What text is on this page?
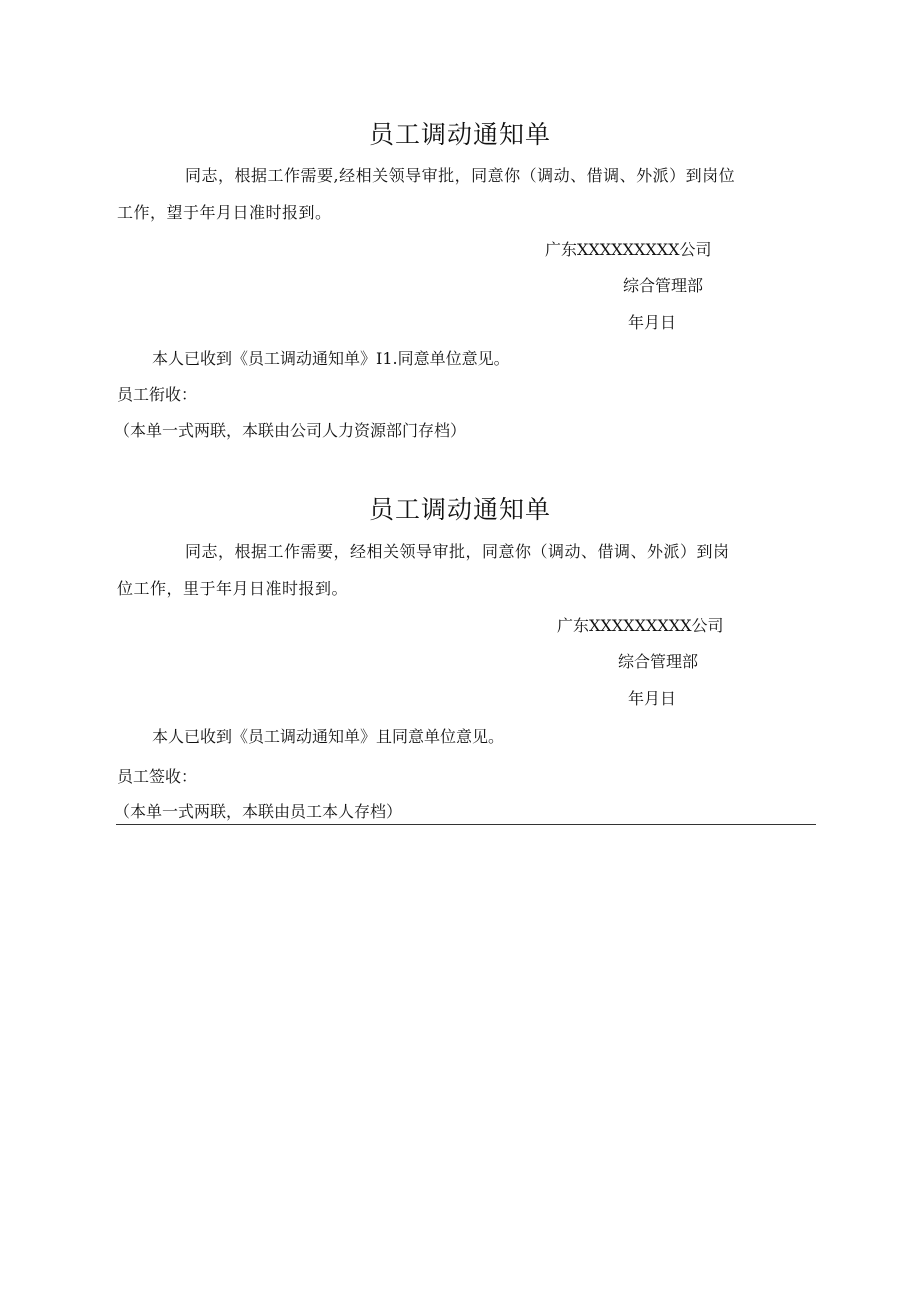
员工调动通知单
同志，根据工作需要,经相关领导审批，同意你（调动、借调、外派）到岗位
工作，望于年月日准时报到。
广东XXXXXXXXX公司
综合管理部
年月日
本人已收到《员工调动通知单》I1.同意单位意见。
员工衔收：
（本单一式两联，本联由公司人力资源部门存档）
员工调动通知单
同志，根据工作需要，经相关领导审批，同意你（调动、借调、外派）到岗
位工作，里于年月日准时报到。
广东XXXXXXXXX公司
综合管理部
年月日
本人已收到《员工调动通知单》且同意单位意见。
员工签收：
（本单一式两联，本联由员工本人存档）
